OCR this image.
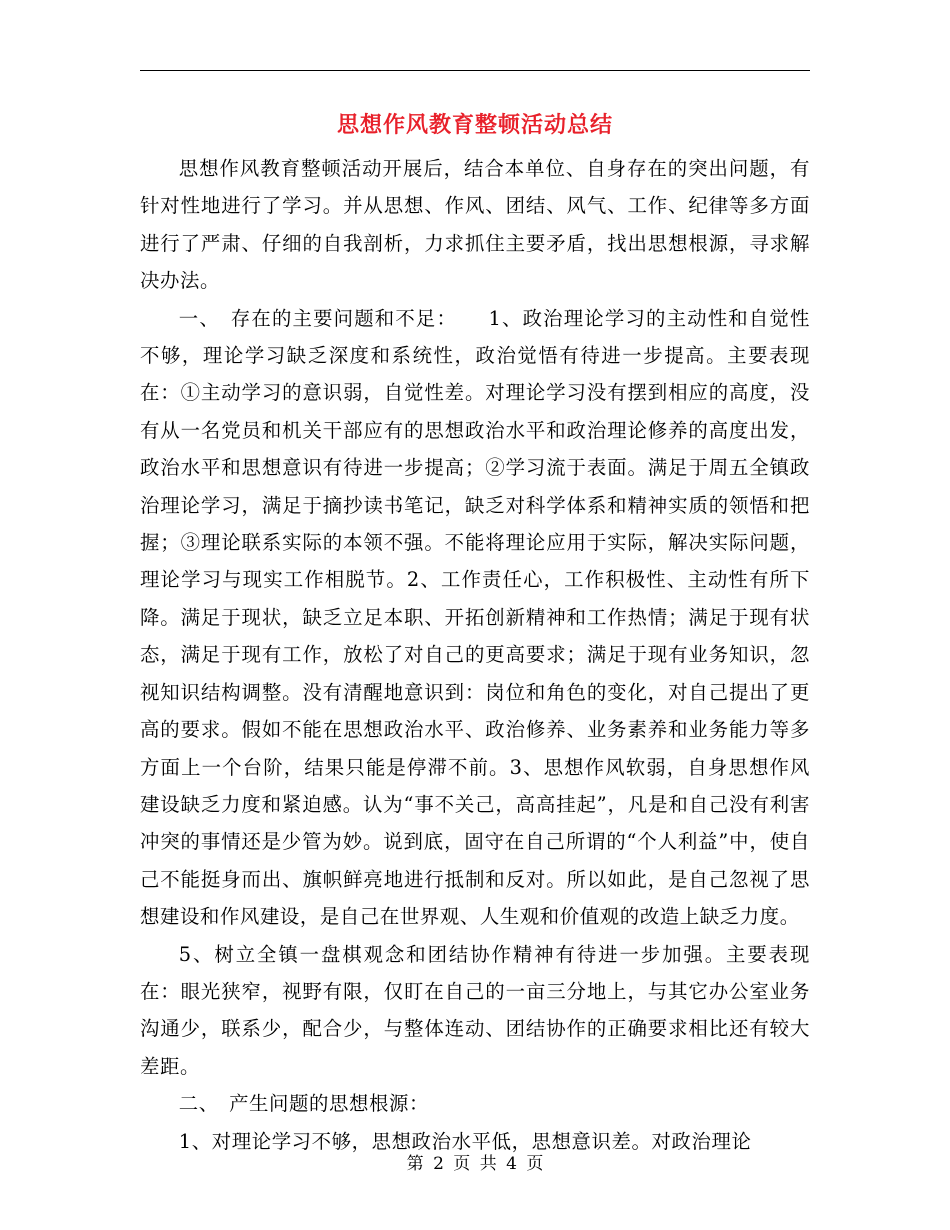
思想作风教育整顿活动总结

思想作风教育整顿活动开展后，结合本单位、自身存在的突出问题，有针对性地进行了学习。并从思想、作风、团结、风气、工作、纪律等多方面进行了严肃、仔细的自我剖析，力求抓住主要矛盾，找出思想根源，寻求解决办法。

一、　存在的主要问题和不足：　　1、政治理论学习的主动性和自觉性不够，理论学习缺乏深度和系统性，政治觉悟有待进一步提高。主要表现在：①主动学习的意识弱，自觉性差。对理论学习没有摆到相应的高度，没有从一名党员和机关干部应有的思想政治水平和政治理论修养的高度出发，政治水平和思想意识有待进一步提高；②学习流于表面。满足于周五全镇政治理论学习，满足于摘抄读书笔记，缺乏对科学体系和精神实质的领悟和把握；③理论联系实际的本领不强。不能将理论应用于实际，解决实际问题，理论学习与现实工作相脱节。2、工作责任心，工作积极性、主动性有所下降。满足于现状，缺乏立足本职、开拓创新精神和工作热情；满足于现有状态，满足于现有工作，放松了对自己的更高要求；满足于现有业务知识，忽视知识结构调整。没有清醒地意识到：岗位和角色的变化，对自己提出了更高的要求。假如不能在思想政治水平、政治修养、业务素养和业务能力等多方面上一个台阶，结果只能是停滞不前。3、思想作风软弱，自身思想作风建设缺乏力度和紧迫感。认为“事不关己，高高挂起”，凡是和自己没有利害冲突的事情还是少管为妙。说到底，固守在自己所谓的“个人利益”中，使自己不能挺身而出、旗帜鲜亮地进行抵制和反对。所以如此，是自己忽视了思想建设和作风建设，是自己在世界观、人生观和价值观的改造上缺乏力度。

5、树立全镇一盘棋观念和团结协作精神有待进一步加强。主要表现在：眼光狭窄，视野有限，仅盯在自己的一亩三分地上，与其它办公室业务沟通少，联系少，配合少，与整体连动、团结协作的正确要求相比还有较大差距。

二、　产生问题的思想根源：

1、对理论学习不够，思想政治水平低，思想意识差。对政治理论

第 2 页 共 4 页
